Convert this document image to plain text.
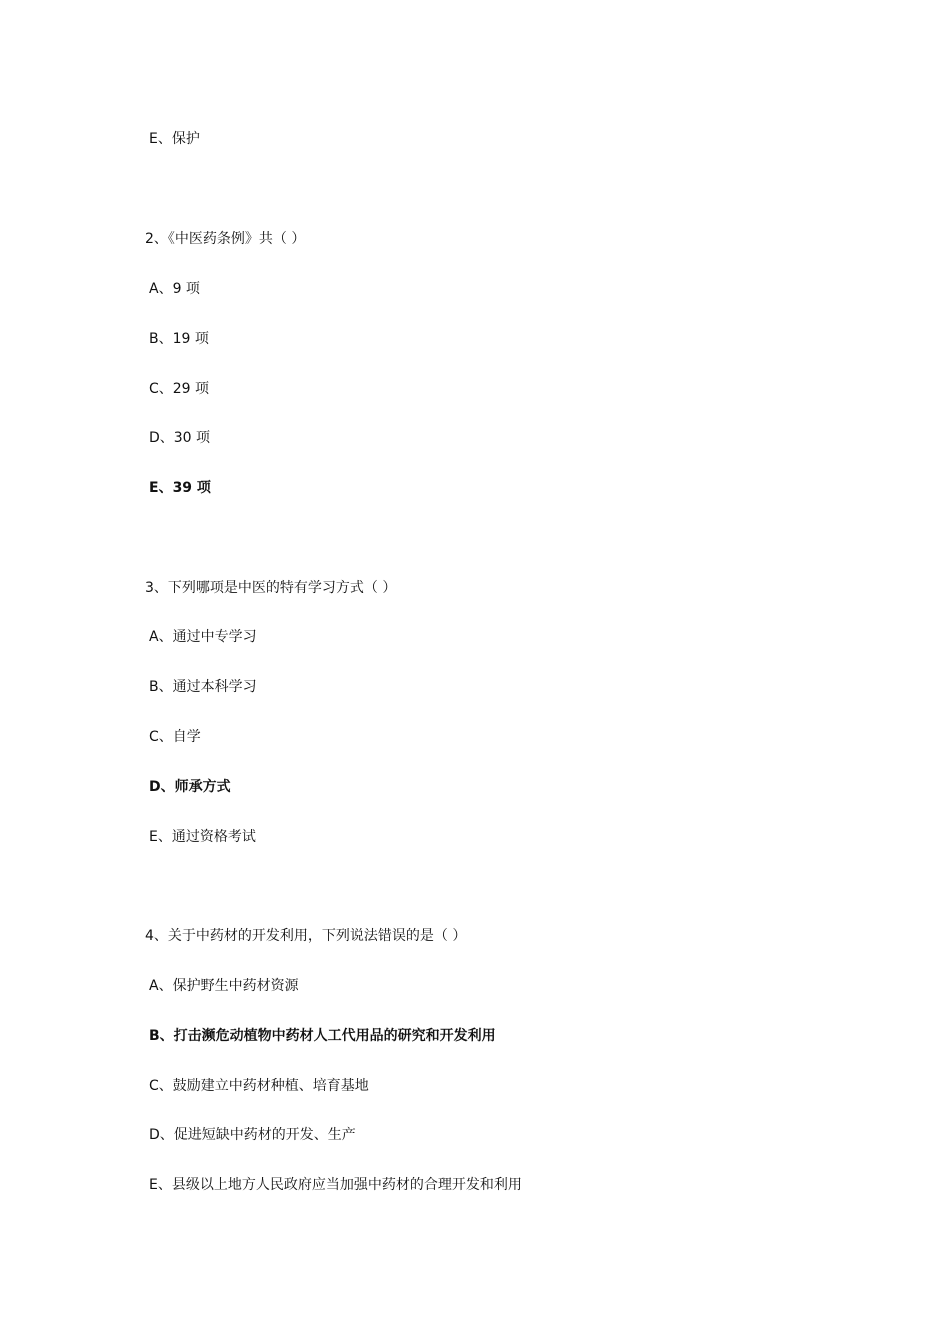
E、保护
2、《中医药条例》共（ ）
A、9 项
B、19 项
C、29 项
D、30 项
E、39 项
3、下列哪项是中医的特有学习方式（ ）
A、通过中专学习
B、通过本科学习
C、自学
D、师承方式
E、通过资格考试
4、关于中药材的开发利用，下列说法错误的是（ ）
A、保护野生中药材资源
B、打击濒危动植物中药材人工代用品的研究和开发利用
C、鼓励建立中药材种植、培育基地
D、促进短缺中药材的开发、生产
E、县级以上地方人民政府应当加强中药材的合理开发和利用
